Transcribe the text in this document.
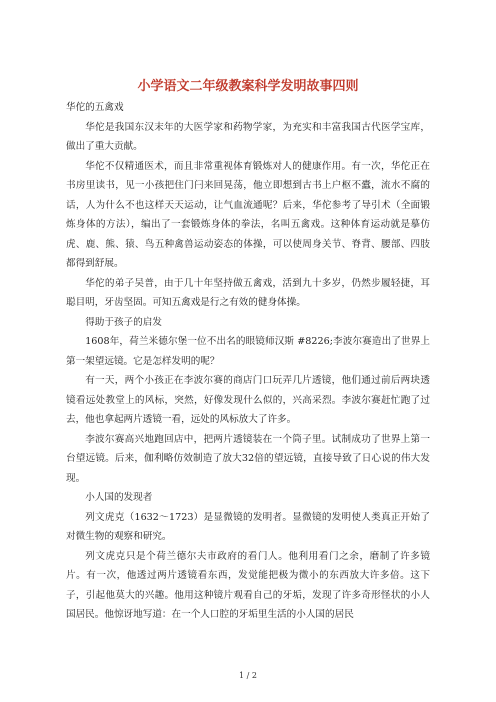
小学语文二年级教案科学发明故事四则

华佗的五禽戏

华佗是我国东汉末年的大医学家和药物学家，为充实和丰富我国古代医学宝库，做出了重大贡献。

华佗不仅精通医术，而且非常重视体育锻炼对人的健康作用。有一次，华佗正在书房里读书，见一小孩把住门闩来回晃荡，他立即想到古书上户枢不蠹，流水不腐的话，人为什么不也这样天天运动，让气血流通呢？后来，华佗参考了导引术（全面锻炼身体的方法），编出了一套锻炼身体的拳法，名叫五禽戏。这种体育运动就是摹仿虎、鹿、熊、猿、鸟五种禽兽运动姿态的体操，可以使周身关节、脊背、腰部、四肢都得到舒展。

华佗的弟子吴普，由于几十年坚持做五禽戏，活到九十多岁，仍然步履轻捷，耳聪目明，牙齿坚固。可知五禽戏是行之有效的健身体操。

得助于孩子的启发

1608年，荷兰米德尔堡一位不出名的眼镜师汉斯 #8226;李波尔赛造出了世界上第一架望远镜。它是怎样发明的呢？

有一天，两个小孩正在李波尔赛的商店门口玩弄几片透镜，他们通过前后两块透镜看远处教堂上的风标，突然，好像发现什么似的，兴高采烈。李波尔赛赶忙跑了过去，他也拿起两片透镜一看，远处的风标放大了许多。

李波尔赛高兴地跑回店中，把两片透镜装在一个筒子里。试制成功了世界上第一台望远镜。后来，伽利略仿效制造了放大32倍的望远镜，直接导致了日心说的伟大发现。

小人国的发现者

列文虎克（1632～1723）是显微镜的发明者。显微镜的发明使人类真正开始了对微生物的观察和研究。

列文虎克只是个荷兰德尔夫市政府的看门人。他利用看门之余，磨制了许多镜片。有一次，他透过两片透镜看东西，发觉能把极为微小的东西放大许多倍。这下子，引起他莫大的兴趣。他用这种镜片观看自己的牙垢，发现了许多奇形怪状的小人国居民。他惊讶地写道：在一个人口腔的牙垢里生活的小人国的居民

1 / 2
